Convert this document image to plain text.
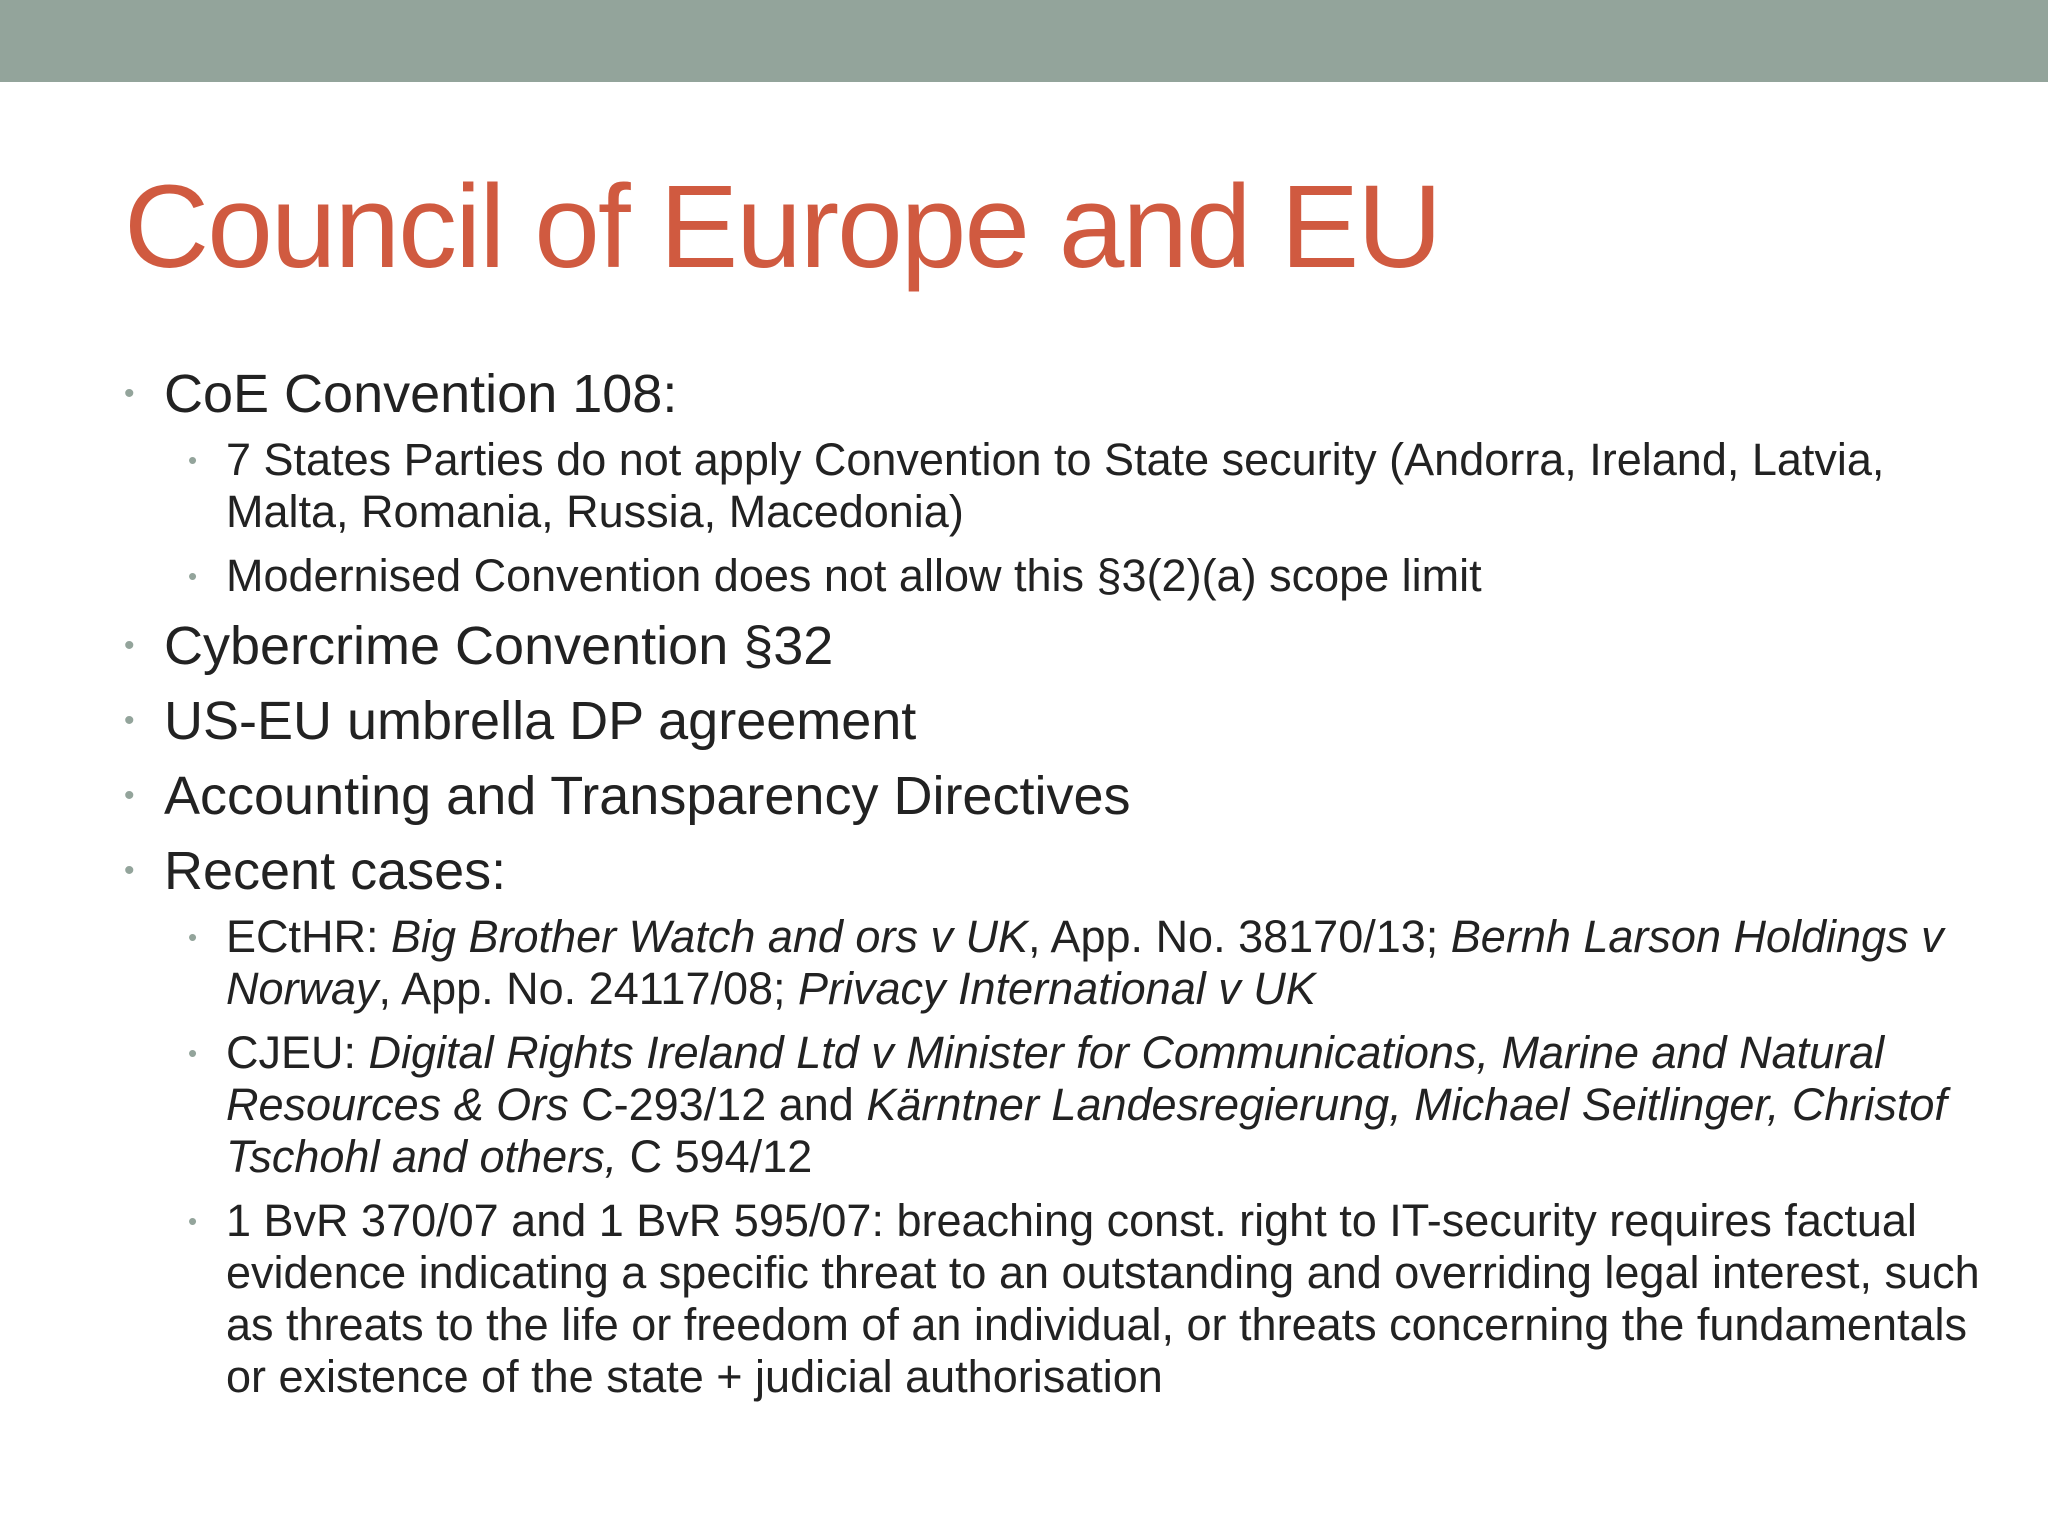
Council of Europe and EU
• CoE Convention 108:
• 7 States Parties do not apply Convention to State security (Andorra, Ireland, Latvia, Malta, Romania, Russia, Macedonia)
• Modernised Convention does not allow this §3(2)(a) scope limit
• Cybercrime Convention §32
• US-EU umbrella DP agreement
• Accounting and Transparency Directives
• Recent cases:
• ECtHR: Big Brother Watch and ors v UK, App. No. 38170/13; Bernh Larson Holdings v Norway, App. No. 24117/08; Privacy International v UK
• CJEU: Digital Rights Ireland Ltd v Minister for Communications, Marine and Natural Resources & Ors C-293/12 and Kärntner Landesregierung, Michael Seitlinger, Christof Tschohl and others, C 594/12
• 1 BvR 370/07 and 1 BvR 595/07: breaching const. right to IT-security requires factual evidence indicating a specific threat to an outstanding and overriding legal interest, such as threats to the life or freedom of an individual, or threats concerning the fundamentals or existence of the state + judicial authorisation
